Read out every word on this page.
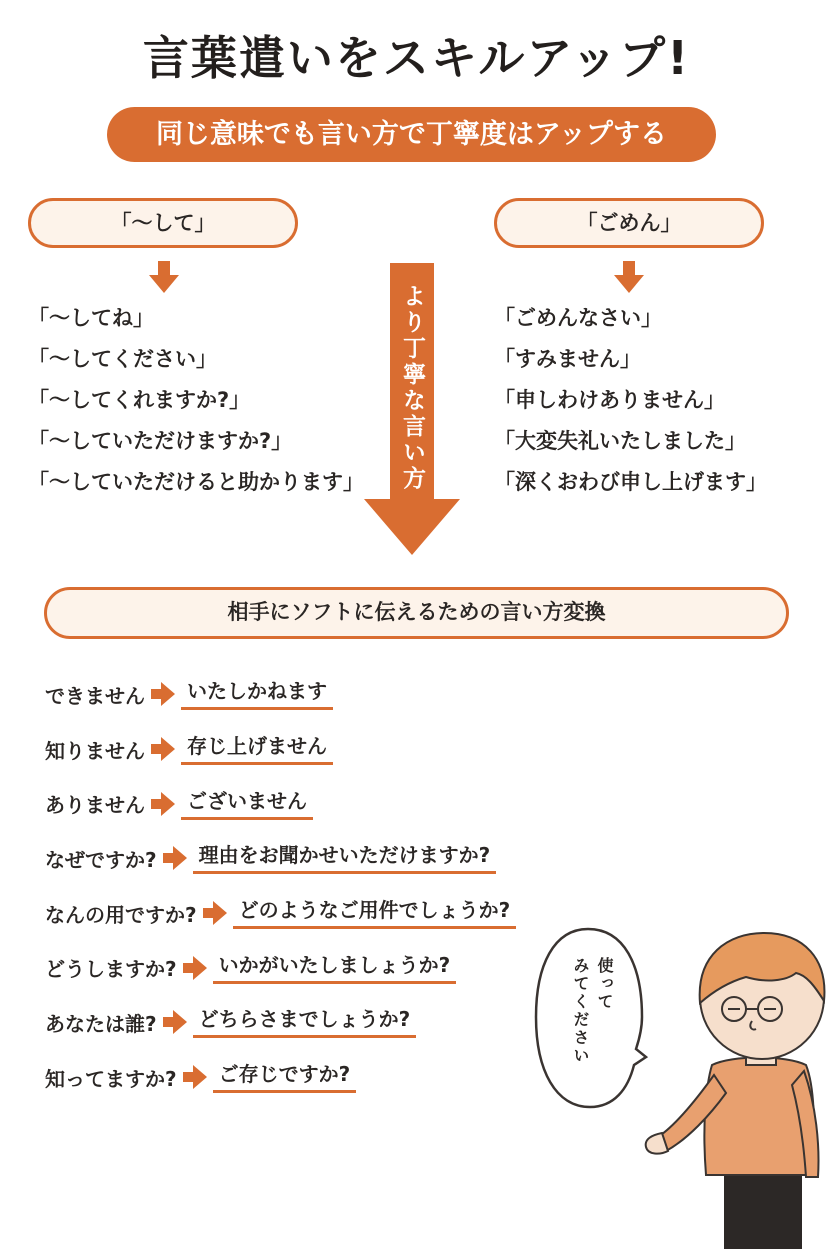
言葉遣いをスキルアップ!
同じ意味でも言い方で丁寧度はアップする
「～して」
「～してね」
「～してください」
「～してくれますか?」
「～していただけますか?」
「～していただけると助かります」	より丁寧な言い方
「ごめん」
「ごめんなさい」
「すみません」
「申しわけありません」
「大変失礼いたしました」
「深くおわび申し上げます」
相手にソフトに伝えるための言い方変換
できません	いたしかねます
知りません	存じ上げません
ありません	ございません
なぜですか?	理由をお聞かせいただけますか?
なんの用ですか?	どのようなご用件でしょうか?
どうしますか?	いかがいたしましょうか?
あなたは誰?	どちらさまでしょうか?
知ってますか?	ご存じですか?
使って
みてください
